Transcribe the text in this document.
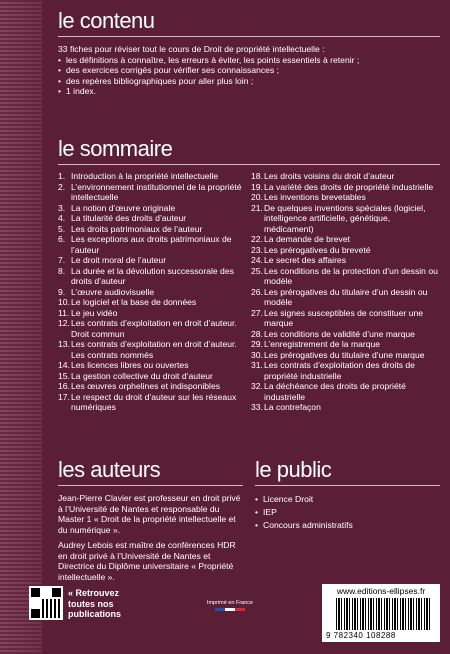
le contenu
33 fiches pour réviser tout le cours de Droit de propriété intellectuelle :
• les définitions à connaître, les erreurs à éviter, les points essentiels à retenir ;
• des exercices corrigés pour vérifier ses connaissances ;
• des repères bibliographiques pour aller plus loin ;
• 1 index.
le sommaire
1. Introduction à la propriété intellectuelle
2. L’environnement institutionnel de la propriété intellectuelle
3. La notion d’œuvre originale
4. La titularité des droits d’auteur
5. Les droits patrimoniaux de l’auteur
6. Les exceptions aux droits patrimoniaux de l’auteur
7. Le droit moral de l’auteur
8. La durée et la dévolution successorale des droits d’auteur
9. L’œuvre audiovisuelle
10. Le logiciel et la base de données
11. Le jeu vidéo
12. Les contrats d’exploitation en droit d’auteur. Droit commun
13. Les contrats d’exploitation en droit d’auteur. Les contrats nommés
14. Les licences libres ou ouvertes
15. La gestion collective du droit d’auteur
16. Les œuvres orphelines et indisponibles
17. Le respect du droit d’auteur sur les réseaux numériques
18. Les droits voisins du droit d’auteur
19. La variété des droits de propriété industrielle
20. Les inventions brevetables
21. De quelques inventions spéciales (logiciel, intelligence artificielle, génétique, médicament)
22. La demande de brevet
23. Les prérogatives du breveté
24. Le secret des affaires
25. Les conditions de la protection d’un dessin ou modèle
26. Les prérogatives du titulaire d’un dessin ou modèle
27. Les signes susceptibles de constituer une marque
28. Les conditions de validité d’une marque
29. L’enregistrement de la marque
30. Les prérogatives du titulaire d’une marque
31. Les contrats d’exploitation des droits de propriété industrielle
32. La déchéance des droits de propriété industrielle
33. La contrefaçon
les auteurs

Jean-Pierre Clavier est professeur en droit privé à l’Université de Nantes et responsable du Master 1 « Droit de la propriété intellectuelle et du numérique ».

Audrey Lebois est maître de conférences HDR en droit privé à l’Université de Nantes et Directrice du Diplôme universitaire « Propriété intellectuelle ».

le public
• Licence Droit
• IEP
• Concours administratifs
« Retrouvez
toutes nos
publications
Imprimé en France
www.editions-ellipses.fr
9 782340 108288
